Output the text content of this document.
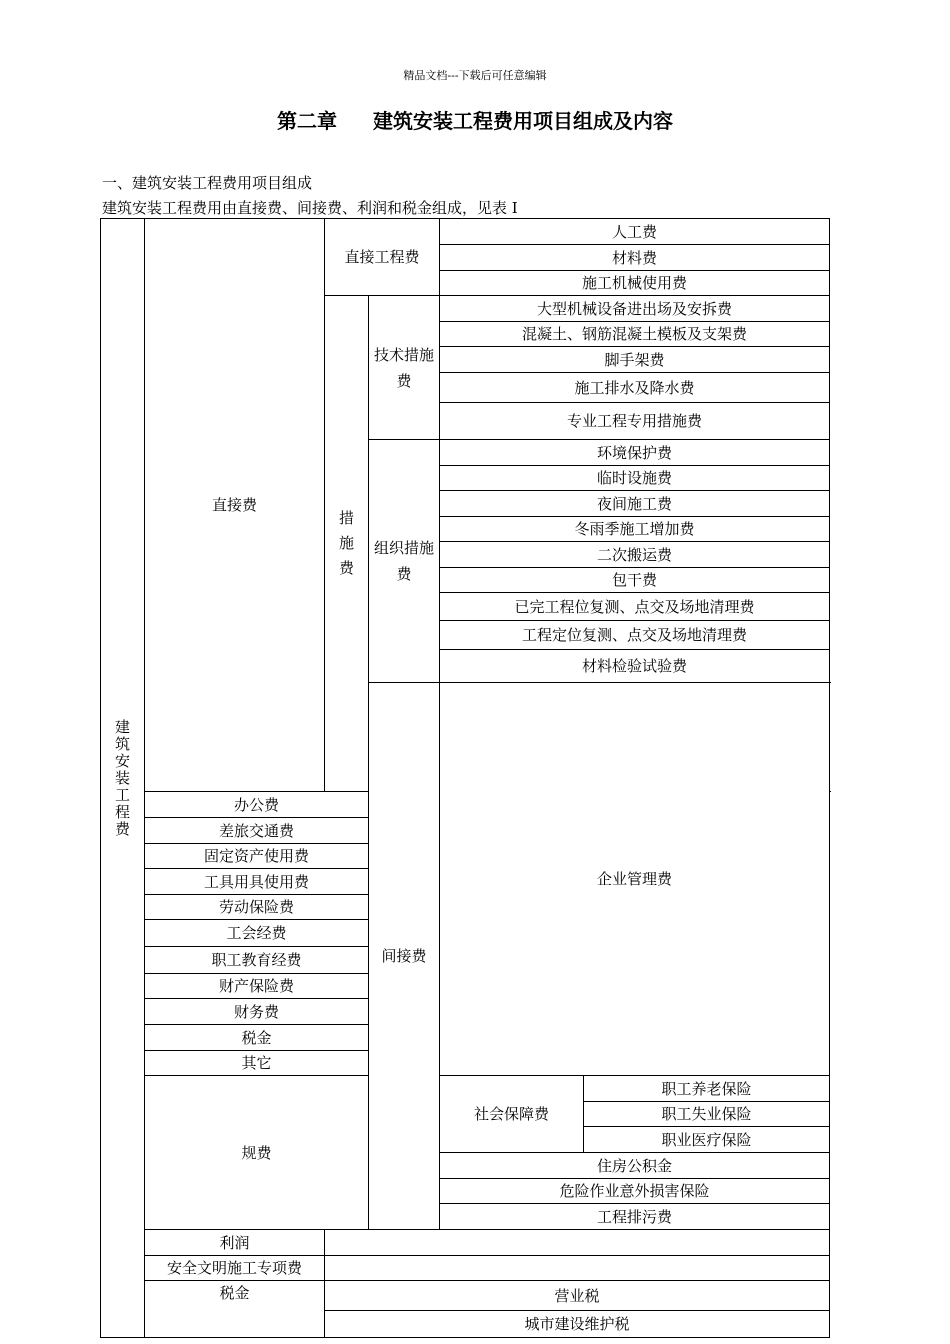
精品文档---下载后可任意编辑
第二章 建筑安装工程费用项目组成及内容
一、建筑安装工程费用项目组成
建筑安装工程费用由直接费、间接费、利润和税金组成，见表 I
建筑安装工程费	直接费	直接工程费		人工费		
				材料费		
				施工机械使用费		
		措施费	技术措施费	大型机械设备进出场及安拆费		
				混凝土、钢筋混凝土模板及支架费		
				脚手架费		
				施工排水及降水费		
				专业工程专用措施费		
			组织措施费	环境保护费		
				临时设施费		
				夜间施工费		
				冬雨季施工增加费		
				二次搬运费		
				包干费		
				已完工程位复测、点交及场地清理费		
				工程定位复测、点交及场地清理费		
				材料检验试验费		
			间接费	企业管理费	
	办公费					
	差旅交通费					
	固定资产使用费					
	工具用具使用费					
	劳动保险费					
	工会经费					
	职工教育经费					
	财产保险费					
	财务费					
	税金					
	其它					
	规费			社会保障费	职工养老保险	
					职工失业保险	
					职业医疗保险	
				住房公积金		
				危险作业意外损害保险		
				工程排污费		
	利润					
	安全文明施工专项费					
	税金	营业税				
		城市建设维护税				
